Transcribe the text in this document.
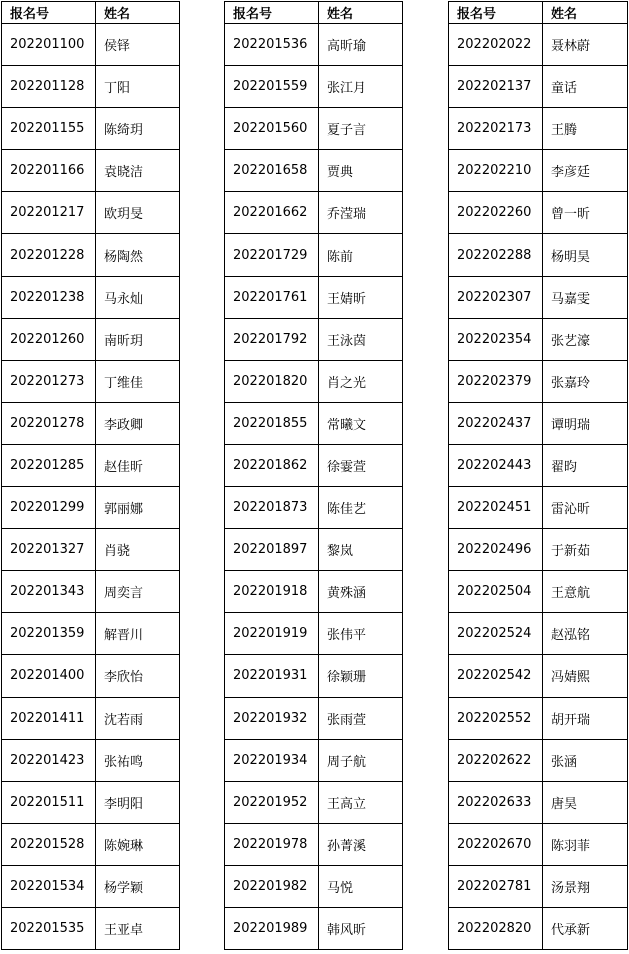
报名号	姓名
202201100	侯铎
202201128	丁阳
202201155	陈绮玥
202201166	袁晓洁
202201217	欧玥旻
202201228	杨陶然
202201238	马永灿
202201260	南昕玥
202201273	丁维佳
202201278	李政卿
202201285	赵佳昕
202201299	郭丽娜
202201327	肖骁
202201343	周奕言
202201359	解晋川
202201400	李欣怡
202201411	沈若雨
202201423	张祐鸣
202201511	李明阳
202201528	陈婉琳
202201534	杨学颖
202201535	王亚卓
报名号	姓名
202201536	高昕瑜
202201559	张江月
202201560	夏子言
202201658	贾典
202201662	乔滢瑞
202201729	陈前
202201761	王婧昕
202201792	王泳茵
202201820	肖之光
202201855	常曦文
202201862	徐霎萱
202201873	陈佳艺
202201897	黎岚
202201918	黄殊涵
202201919	张伟平
202201931	徐颖珊
202201932	张雨萱
202201934	周子航
202201952	王高立
202201978	孙菁溪
202201982	马悦
202201989	韩风昕
报名号	姓名
202202022	聂林蔚
202202137	童话
202202173	王腾
202202210	李彦廷
202202260	曾一昕
202202288	杨明昊
202202307	马嘉雯
202202354	张艺濠
202202379	张嘉玲
202202437	谭明瑞
202202443	翟昀
202202451	雷沁昕
202202496	于新茹
202202504	王意航
202202524	赵泓铭
202202542	冯婧熙
202202552	胡开瑞
202202622	张涵
202202633	唐昊
202202670	陈羽菲
202202781	汤景翔
202202820	代承新
